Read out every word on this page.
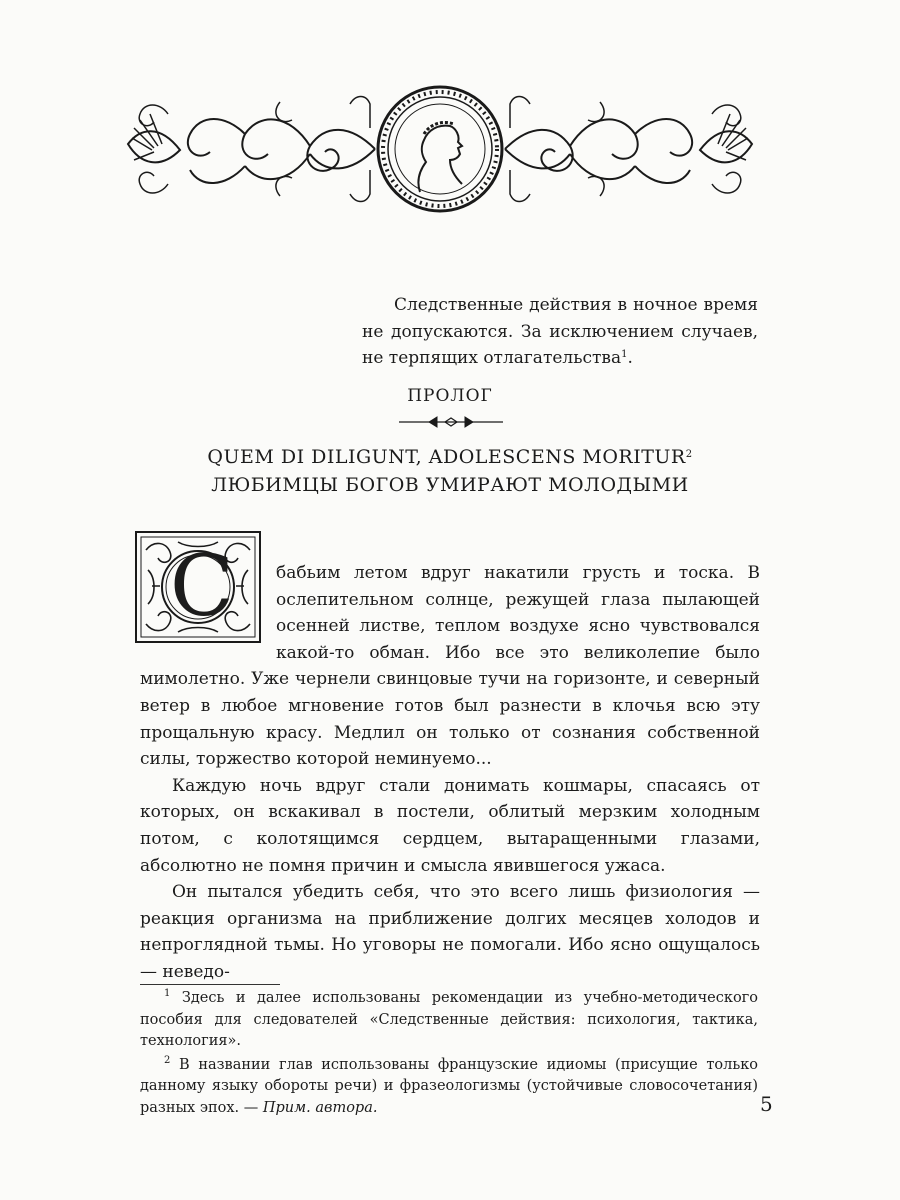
Следственные действия в ночное время не допускаются. За исключением случаев, не терпящих отлагательства$^1$.

ПРОЛОГ
QUEM DI DILIGUNT, ADOLESCENS MORITUR$^2$
ЛЮБИМЦЫ БОГОВ УМИРАЮТ МОЛОДЫМИ

С	бабьим летом вдруг накатили грусть и тоска. В ослепительном солнце, режущей глаза пылающей осенней листве, теплом воздухе ясно чувствовался какой-то обман. Ибо все это великолепие было мимолетно. Уже чернели свинцовые тучи на горизонте, и северный ветер в любое мгновение готов был разнести в клочья всю эту прощальную красу. Медлил он только от сознания собственной силы, торжество которой неминуемо...

Каждую ночь вдруг стали донимать кошмары, спасаясь от которых, он вскакивал в постели, облитый мерзким холодным потом, с колотящимся сердцем, вытаращенными глазами, абсолютно не помня причин и смысла явившегося ужаса.

Он пытался убедить себя, что это всего лишь физиология — реакция организма на приближение долгих месяцев холодов и непроглядной тьмы. Но уговоры не помогали. Ибо ясно ощущалось — неведо-

$^1$ Здесь и далее использованы рекомендации из учебно-методического пособия для следователей «Следственные действия: психология, тактика, технология».

$^2$ В названии глав использованы французские идиомы (присущие только данному языку обороты речи) и фразеологизмы (устойчивые словосочетания) разных эпох. — Прим. автора.	5
